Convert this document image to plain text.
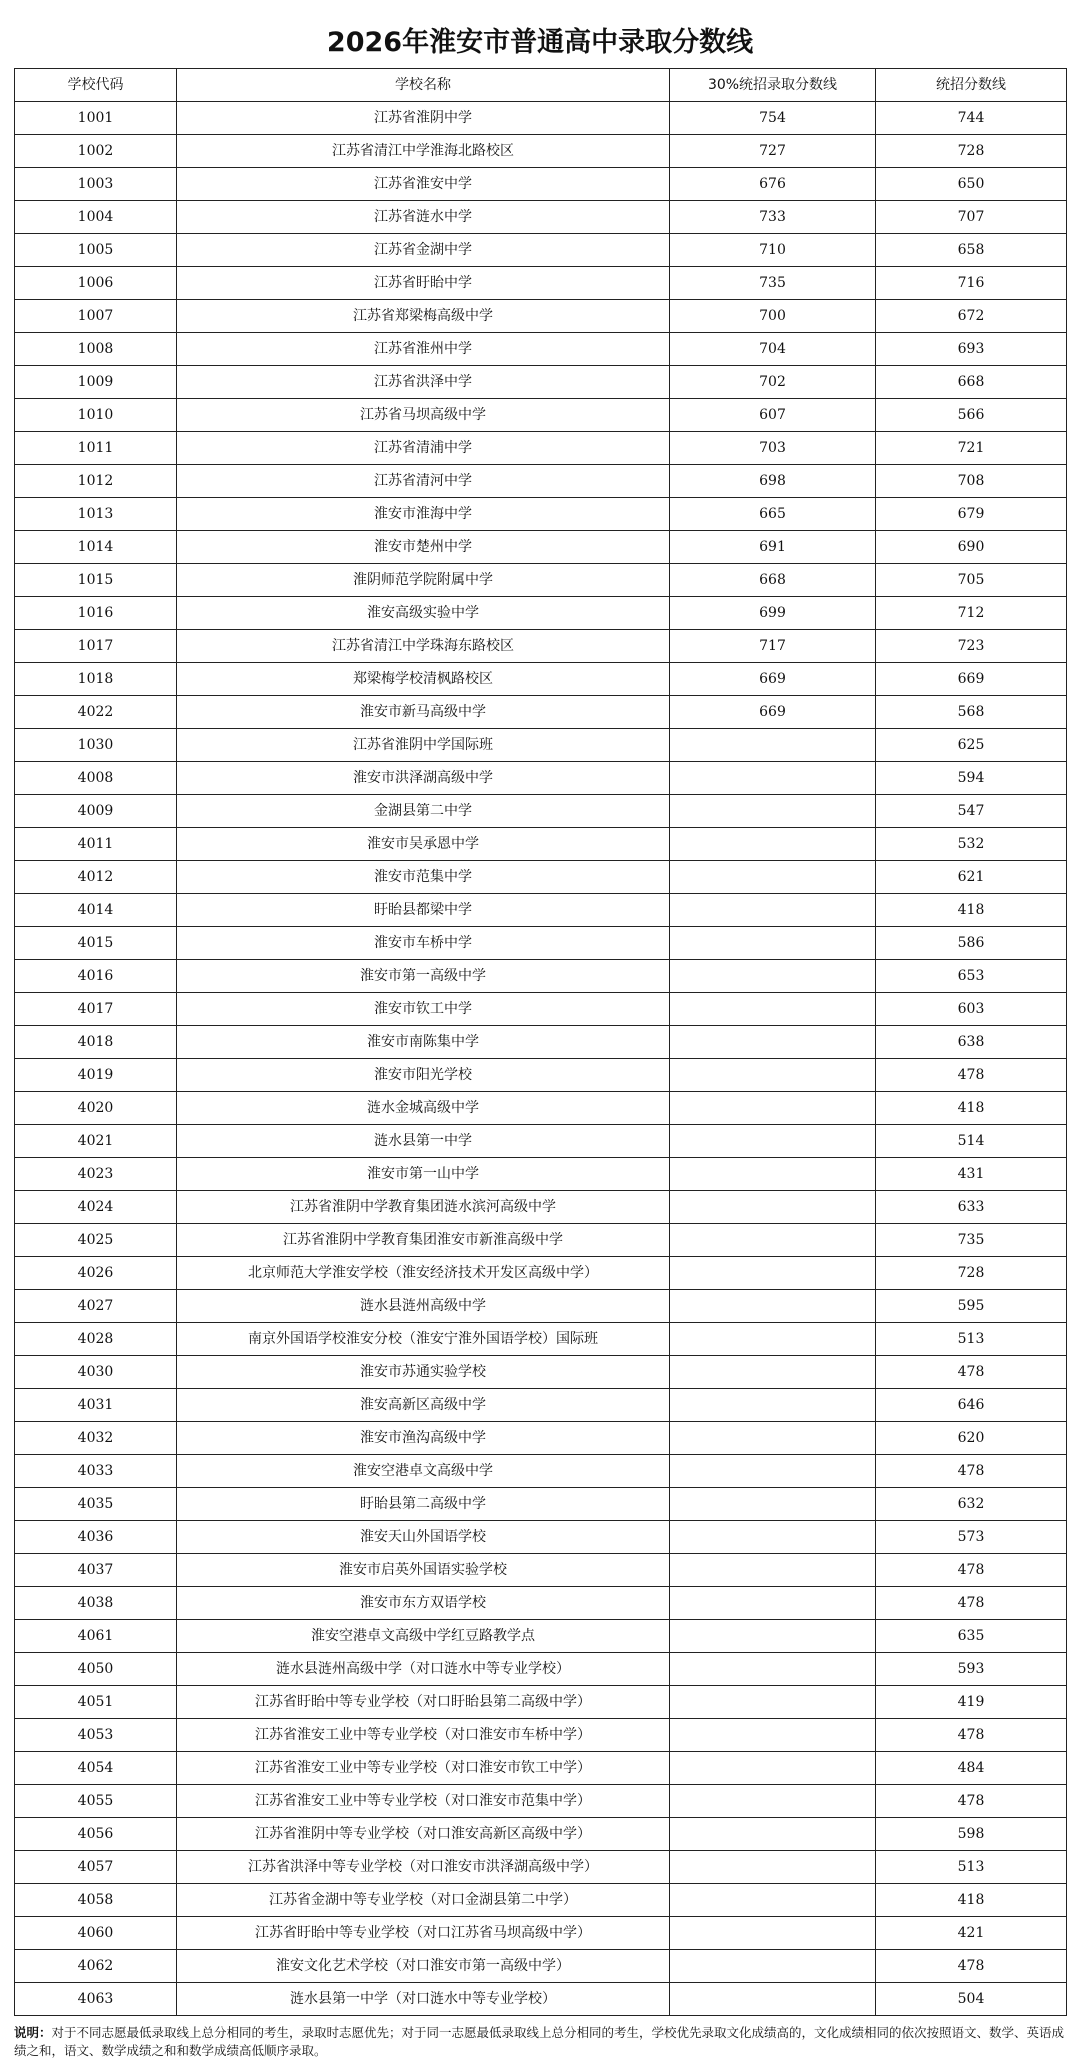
2026年淮安市普通高中录取分数线
学校代码	学校名称	30%统招录取分数线	统招分数线
1001	江苏省淮阴中学	754	744
1002	江苏省清江中学淮海北路校区	727	728
1003	江苏省淮安中学	676	650
1004	江苏省涟水中学	733	707
1005	江苏省金湖中学	710	658
1006	江苏省盱眙中学	735	716
1007	江苏省郑梁梅高级中学	700	672
1008	江苏省淮州中学	704	693
1009	江苏省洪泽中学	702	668
1010	江苏省马坝高级中学	607	566
1011	江苏省清浦中学	703	721
1012	江苏省清河中学	698	708
1013	淮安市淮海中学	665	679
1014	淮安市楚州中学	691	690
1015	淮阴师范学院附属中学	668	705
1016	淮安高级实验中学	699	712
1017	江苏省清江中学珠海东路校区	717	723
1018	郑梁梅学校清枫路校区	669	669
4022	淮安市新马高级中学	669	568
1030	江苏省淮阴中学国际班		625
4008	淮安市洪泽湖高级中学		594
4009	金湖县第二中学		547
4011	淮安市吴承恩中学		532
4012	淮安市范集中学		621
4014	盱眙县都梁中学		418
4015	淮安市车桥中学		586
4016	淮安市第一高级中学		653
4017	淮安市钦工中学		603
4018	淮安市南陈集中学		638
4019	淮安市阳光学校		478
4020	涟水金城高级中学		418
4021	涟水县第一中学		514
4023	淮安市第一山中学		431
4024	江苏省淮阴中学教育集团涟水滨河高级中学		633
4025	江苏省淮阴中学教育集团淮安市新淮高级中学		735
4026	北京师范大学淮安学校（淮安经济技术开发区高级中学）		728
4027	涟水县涟州高级中学		595
4028	南京外国语学校淮安分校（淮安宁淮外国语学校）国际班		513
4030	淮安市苏通实验学校		478
4031	淮安高新区高级中学		646
4032	淮安市渔沟高级中学		620
4033	淮安空港卓文高级中学		478
4035	盱眙县第二高级中学		632
4036	淮安天山外国语学校		573
4037	淮安市启英外国语实验学校		478
4038	淮安市东方双语学校		478
4061	淮安空港卓文高级中学红豆路教学点		635
4050	涟水县涟州高级中学（对口涟水中等专业学校）		593
4051	江苏省盱眙中等专业学校（对口盱眙县第二高级中学）		419
4053	江苏省淮安工业中等专业学校（对口淮安市车桥中学）		478
4054	江苏省淮安工业中等专业学校（对口淮安市钦工中学）		484
4055	江苏省淮安工业中等专业学校（对口淮安市范集中学）		478
4056	江苏省淮阴中等专业学校（对口淮安高新区高级中学）		598
4057	江苏省洪泽中等专业学校（对口淮安市洪泽湖高级中学）		513
4058	江苏省金湖中等专业学校（对口金湖县第二中学）		418
4060	江苏省盱眙中等专业学校（对口江苏省马坝高级中学）		421
4062	淮安文化艺术学校（对口淮安市第一高级中学）		478
4063	涟水县第一中学（对口涟水中等专业学校）		504
说明：对于不同志愿最低录取线上总分相同的考生，录取时志愿优先；对于同一志愿最低录取线上总分相同的考生，学校优先录取文化成绩高的，文化成绩相同的依次按照语文、数学、英语成绩之和，语文、数学成绩之和和数学成绩高低顺序录取。
